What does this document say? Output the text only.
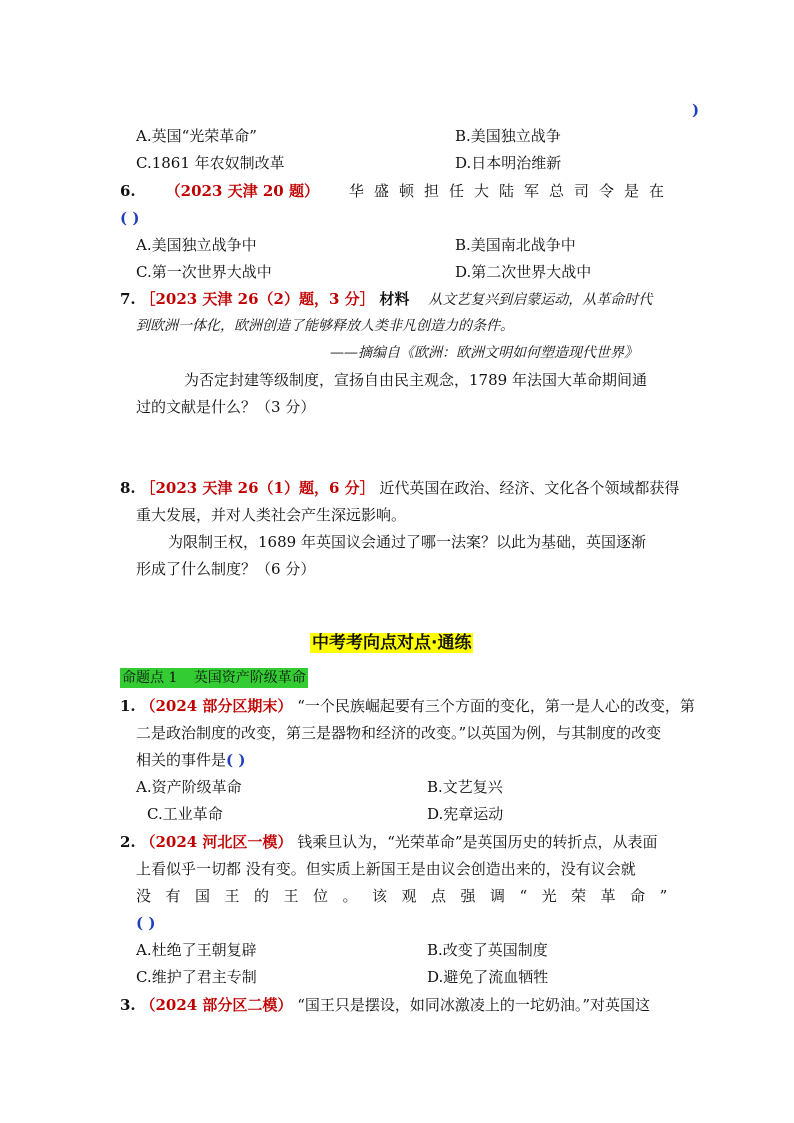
)
A.英国“光荣革命”	B.美国独立战争
C.1861 年农奴制改革	D.日本明治维新
6. （2023 天津 20 题） 华盛顿担任大陆军总司令是在
( )
A.美国独立战争中	B.美国南北战争中
C.第一次世界大战中	D.第二次世界大战中
7. ［2023 天津 26（2）题，3 分］ 材料 从文艺复兴到启蒙运动，从革命时代
到欧洲一体化，欧洲创造了能够释放人类非凡创造力的条件。
——摘编自《欧洲：欧洲文明如何塑造现代世界》
为否定封建等级制度，宣扬自由民主观念，1789 年法国大革命期间通
过的文献是什么？（3 分）
8. ［2023 天津 26（1）题，6 分］ 近代英国在政治、经济、文化各个领域都获得
重大发展，并对人类社会产生深远影响。
为限制王权，1689 年英国议会通过了哪一法案？以此为基础，英国逐渐
形成了什么制度？（6 分）
中考考向点对点·通练
命题点 1 英国资产阶级革命
1. （2024 部分区期末） “一个民族崛起要有三个方面的变化，第一是人心的改变，第
二是政治制度的改变，第三是器物和经济的改变。”以英国为例，与其制度的改变
相关的事件是( )
A.资产阶级革命	B.文艺复兴
C.工业革命	D.宪章运动
2. （2024 河北区一模） 钱乘旦认为，“光荣革命”是英国历史的转折点，从表面
上看似乎一切都 没有变。但实质上新国王是由议会创造出来的，没有议会就
没有国王的王位。该观点强调“光荣革命”
( )
A.杜绝了王朝复辟	B.改变了英国制度
C.维护了君主专制	D.避免了流血牺牲
3. （2024 部分区二模） “国王只是摆设，如同冰激凌上的一坨奶油。”对英国这
